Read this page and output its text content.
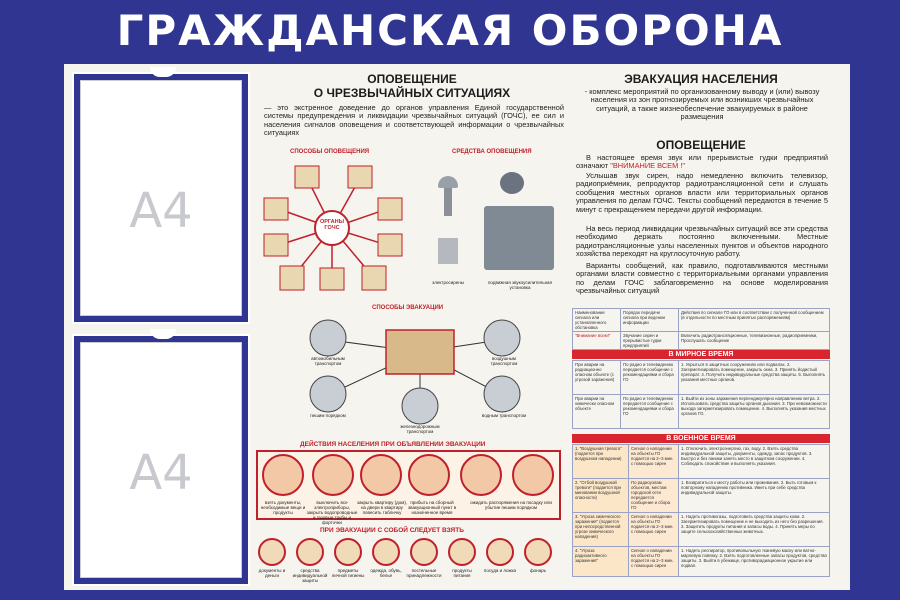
ГРАЖДАНСКАЯ ОБОРОНА
А4
А4
ОПОВЕЩЕНИЕ
О ЧРЕЗВЫЧАЙНЫХ СИТУАЦИЯХ
— это экстренное доведение до органов управления Единой государственной системы предупреждения и ликвидации чрезвычайных ситуаций (ГОЧС), ее сил и населения сигналов оповещения и соответствующей информации о чрезвычайных ситуациях
СПОСОБЫ ОПОВЕЩЕНИЯ	СРЕДСТВА ОПОВЕЩЕНИЯ
ОРГАНЫ ГОЧС
электросирены	подвижная звукоусилительная установка
СПОСОБЫ ЭВАКУАЦИИ
автомобильным транспортом
воздушным транспортом
пешим порядком	водным транспортом
железнодорожным транспортом
ДЕЙСТВИЯ НАСЕЛЕНИЯ ПРИ ОБЪЯВЛЕНИИ ЭВАКУАЦИИ
взять документы, необходимые вещи и продукты
выключить все электроприборы, закрыть водопроводные и газовые трубы и форточки
закрыть квартиру (дом), на двери в квартиру повесить табличку
прибыть на сборный эвакуационный пункт в назначенное время
ожидать распоряжения на посадку или убытие пешим порядком
ПРИ ЭВАКУАЦИИ С СОБОЙ СЛЕДУЕТ ВЗЯТЬ
документы и деньги
средства индивидуальной защиты
предметы личной гигиены
одежда, обувь, белье
постельные принадлежности
продукты питания
посуда и ложка	фонарь
ЭВАКУАЦИЯ НАСЕЛЕНИЯ
- комплекс мероприятий по организованному выводу и (или) вывозу населения из зон прогнозируемых или возникших чрезвычайных ситуаций, а также жизнеобеспечение эвакуируемых в районе размещения
ОПОВЕЩЕНИЕ
В настоящее время звук или прерывистые гудки предприятий означают "ВНИМАНИЕ ВСЕМ !"
Услышав звук сирен, надо немедленно включить телевизор, радиоприёмник, репродуктор радиотрансляционной сети и слушать сообщения местных органов власти или территориальных органов управления по делам ГОЧС. Тексты сообщений передаются в течение 5 минут с прекращением передачи другой информации.
На весь период ликвидации чрезвычайных ситуаций все эти средства необходимо держать постоянно включенными. Местные радиотрансляционные узлы населенных пунктов и объектов народного хозяйства переходят на круглосуточную работу.
Варианты сообщений, как правило, подготавливаются местными органами власти совместно с территориальными органами управления по делам ГОЧС заблаговременно на основе моделирования чрезвычайных ситуаций
Наименование сигнала или установленного обстановка	Порядок передачи сигнала при ведении информации	Действия по сигнале ГО или в соответствии с полученной сообщением (в отдельности по местным принятых распоряжениям)
"Внимание всем!"	Звучание сирен и прерывистые гудки предприятий	Включить радиотрансляционные, телевизионные, радиоприемники, Прослушать сообщение
В МИРНОЕ ВРЕМЯ
При аварии на радиационно опасном объекте (с угрозой заражения)	По радио и телевидению передается сообщение с рекомендациями и сбора ГО	1. Укрыться в защитных сооружениях или подвалах. 2. Загерметизировать помещение, закрыть окна. 3. Принять йодистый препарат. 4. Получить индивидуальные средства защиты. 5. Выполнять указания местных органов.
При аварии на химически опасном объекте	По радио и телевидению передается сообщение с рекомендациями и сбора ГО	1. Выйти из зоны заражения перпендикулярно направлению ветра. 2. Использовать средства защиты органов дыхания. 3. При невозможности выхода загерметизировать помещение. 4. Выполнять указания местных органов ГО.
В ВОЕННОЕ ВРЕМЯ
1. "Воздушная тревога" (подается при воздушном нападении)	Сигнал о нападении на объекты ГО подается на 2–3 мин. с помощью сирен	1. Отключить электроэнергию, газ, воду. 2. Взять средства индивидуальной защиты, документы, одежду, запас продуктов. 3. Быстро и без паники занять место в защитном сооружении. 4. Соблюдать спокойствие и выполнять указания.
2. "Отбой воздушной тревоги" (подается при миновании воздушной опасности)	По радиоузлам объектов, местам городской сети передается сообщение и сбора ГО	1. Возвратиться к месту работы или проживания. 2. Быть готовым к повторному нападению противника. Иметь при себе средства индивидуальной защиты.
3. "Угроза химического заражения" (подается при непосредственной угрозе химического нападения)	Сигнал о нападении на объекты ГО подается на 2–3 мин. с помощью сирен	1. Надеть противогазы, подготовить средства защиты кожи. 2. Загерметизировать помещение и не выходить из него без разрешения. 3. Защитить продукты питания и запасы воды. 4. Принять меры по защите сельскохозяйственных животных.
4. "Угроза радиоактивного заражения"	Сигнал о нападении на объекты ГО подается на 2–3 мин. с помощью сирен	1. Надеть респиратор, противопыльную тканевую маску или ватно-марлевую повязку. 2. Взять подготовленные запасы продуктов, средства защиты. 3. Выйти в убежище, противорадиационное укрытие или подвал.
